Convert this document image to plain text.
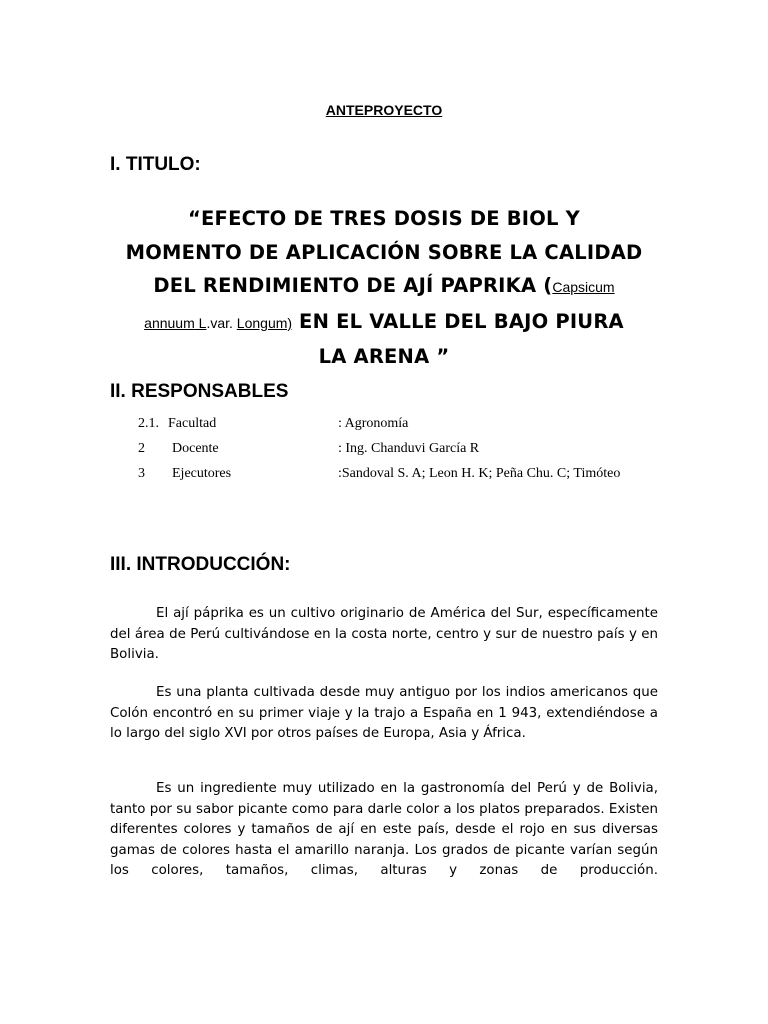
ANTEPROYECTO
I. TITULO:
“EFECTO DE TRES DOSIS DE BIOL Y
MOMENTO DE APLICACIÓN SOBRE LA CALIDAD
DEL RENDIMIENTO DE AJÍ PAPRIKA (Capsicum
annuum L.var. Longum) EN EL VALLE DEL BAJO PIURA
LA ARENA ”
II. RESPONSABLES
2.1. Facultad	: Agronomía
2 Docente	: Ing. Chanduvi García R
3 Ejecutores	:Sandoval S. A; Leon H. K; Peña Chu. C; Timóteo
III. INTRODUCCIÓN:
El ají páprika es un cultivo originario de América del Sur, específicamente del área de Perú cultivándose en la costa norte, centro y sur de nuestro país y en Bolivia.
Es una planta cultivada desde muy antiguo por los indios americanos que Colón encontró en su primer viaje y la trajo a España en 1 943, extendiéndose a lo largo del siglo XVI por otros países de Europa, Asia y África.
Es un ingrediente muy utilizado en la gastronomía del Perú y de Bolivia, tanto por su sabor picante como para darle color a los platos preparados. Existen diferentes colores y tamaños de ají en este país, desde el rojo en sus diversas gamas de colores hasta el amarillo naranja. Los grados de picante varían según los colores, tamaños, climas, alturas y zonas de producción.
